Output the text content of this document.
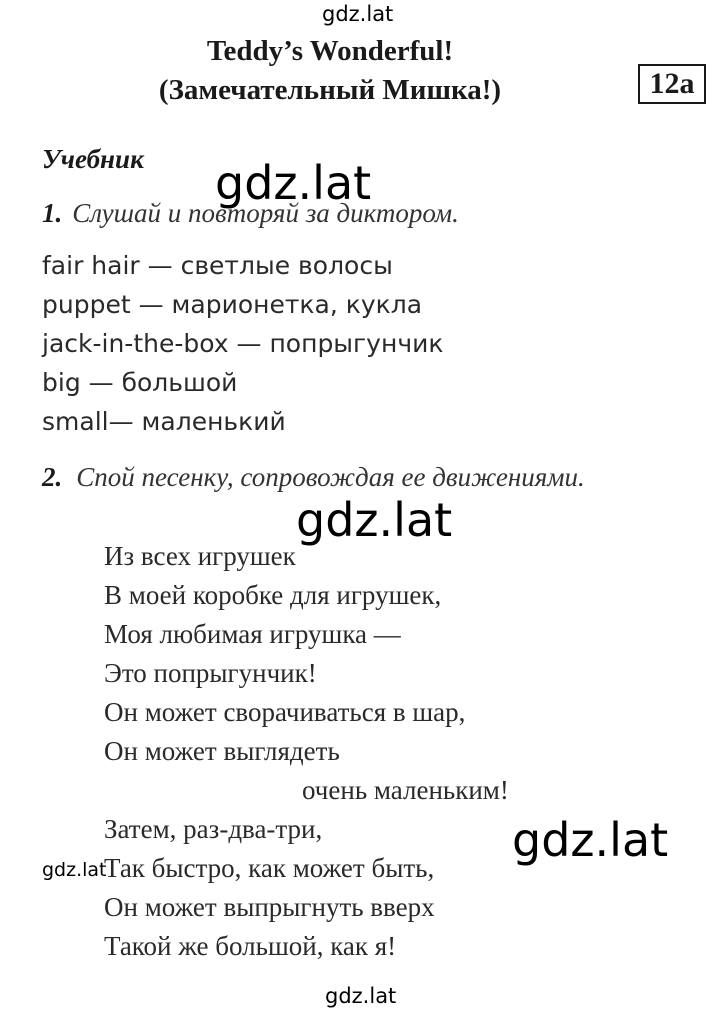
gdz.lat
Teddy’s Wonderful!
(Замечательный Мишка!)	12a
Учебник gdz.lat
1. Слушай и повторяй за диктором.
fair hair — светлые волосы
puppet — марионетка, кукла
jack-in-the-box — попрыгунчик
big — большой
small— маленький
2. Спой песенку, сопровождая ее движениями.
gdz.lat
Из всех игрушек
В моей коробке для игрушек,
Моя любимая игрушка —
Это попрыгунчик!
Он может сворачиваться в шар,
Он может выглядеть
очень маленьким!
Затем, раз-два-три,
Так быстро, как может быть,
Он может выпрыгнуть вверх
Такой же большой, как я!
gdz.lat
gdz.lat
gdz.lat
